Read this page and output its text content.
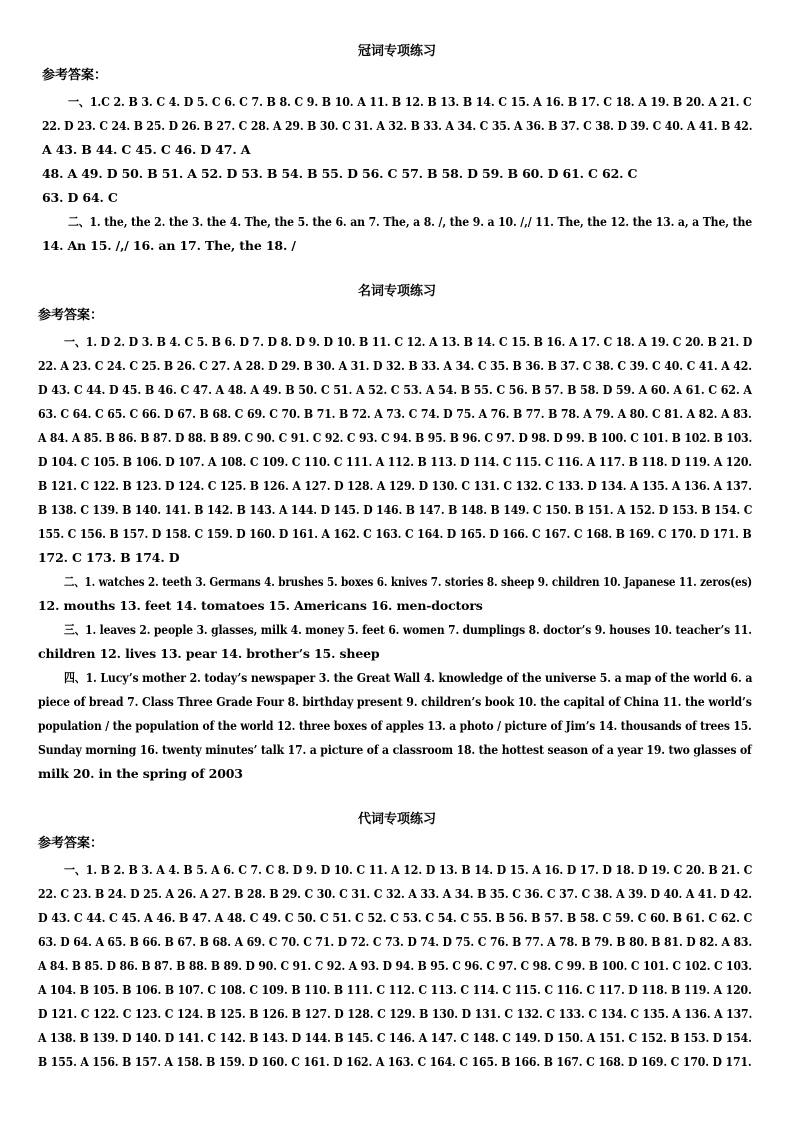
冠词专项练习
参考答案：
一、1.C 2. B 3. C 4. D 5. C 6. C 7. B 8. C 9. B 10. A 11. B 12. B 13. B 14. C 15. A 16. B 17. C 18. A 19. B 20. A 21. C
22. D 23. C 24. B 25. D 26. B 27. C 28. A 29. B 30. C 31. A 32. B 33. A 34. C 35. A 36. B 37. C 38. D 39. C 40. A 41. B 42.
A 43. B 44. C 45. C 46. D 47. A
48. A 49. D 50. B 51. A 52. D 53. B 54. B 55. D 56. C 57. B 58. D 59. B 60. D 61. C 62. C
63. D 64. C
二、1. the, the 2. the 3. the 4. The, the 5. the 6. an 7. The, a 8. /, the 9. a 10. /,/ 11. The, the 12. the 13. a, a The, the
14. An 15. /,/ 16. an 17. The, the 18. /
名词专项练习
参考答案：
一、1. D 2. D 3. B 4. C 5. B 6. D 7. D 8. D 9. D 10. B 11. C 12. A 13. B 14. C 15. B 16. A 17. C 18. A 19. C 20. B 21. D
22. A 23. C 24. C 25. B 26. C 27. A 28. D 29. B 30. A 31. D 32. B 33. A 34. C 35. B 36. B 37. C 38. C 39. C 40. C 41. A 42.
D 43. C 44. D 45. B 46. C 47. A 48. A 49. B 50. C 51. A 52. C 53. A 54. B 55. C 56. B 57. B 58. D 59. A 60. A 61. C 62. A
63. C 64. C 65. C 66. D 67. B 68. C 69. C 70. B 71. B 72. A 73. C 74. D 75. A 76. B 77. B 78. A 79. A 80. C 81. A 82. A 83.
A 84. A 85. B 86. B 87. D 88. B 89. C 90. C 91. C 92. C 93. C 94. B 95. B 96. C 97. D 98. D 99. B 100. C 101. B 102. B 103.
D 104. C 105. B 106. D 107. A 108. C 109. C 110. C 111. A 112. B 113. D 114. C 115. C 116. A 117. B 118. D 119. A 120.
B 121. C 122. B 123. D 124. C 125. B 126. A 127. D 128. A 129. D 130. C 131. C 132. C 133. D 134. A 135. A 136. A 137.
B 138. C 139. B 140. 141. B 142. B 143. A 144. D 145. D 146. B 147. B 148. B 149. C 150. B 151. A 152. D 153. B 154. C
155. C 156. B 157. D 158. C 159. D 160. D 161. A 162. C 163. C 164. D 165. D 166. C 167. C 168. B 169. C 170. D 171. B
172. C 173. B 174. D
二、1. watches 2. teeth 3. Germans 4. brushes 5. boxes 6. knives 7. stories 8. sheep 9. children 10. Japanese 11. zeros(es)
12. mouths 13. feet 14. tomatoes 15. Americans 16. men-doctors
三、1. leaves 2. people 3. glasses, milk 4. money 5. feet 6. women 7. dumplings 8. doctor’s 9. houses 10. teacher’s 11.
children 12. lives 13. pear 14. brother’s 15. sheep
四、1. Lucy’s mother 2. today’s newspaper 3. the Great Wall 4. knowledge of the universe 5. a map of the world 6. a
piece of bread 7. Class Three Grade Four 8. birthday present 9. children’s book 10. the capital of China 11. the world’s
population / the population of the world 12. three boxes of apples 13. a photo / picture of Jim’s 14. thousands of trees 15.
Sunday morning 16. twenty minutes’ talk 17. a picture of a classroom 18. the hottest season of a year 19. two glasses of
milk 20. in the spring of 2003
代词专项练习
参考答案：
一、1. B 2. B 3. A 4. B 5. A 6. C 7. C 8. D 9. D 10. C 11. A 12. D 13. B 14. D 15. A 16. D 17. D 18. D 19. C 20. B 21. C
22. C 23. B 24. D 25. A 26. A 27. B 28. B 29. C 30. C 31. C 32. A 33. A 34. B 35. C 36. C 37. C 38. A 39. D 40. A 41. D 42.
D 43. C 44. C 45. A 46. B 47. A 48. C 49. C 50. C 51. C 52. C 53. C 54. C 55. B 56. B 57. B 58. C 59. C 60. B 61. C 62. C
63. D 64. A 65. B 66. B 67. B 68. A 69. C 70. C 71. D 72. C 73. D 74. D 75. C 76. B 77. A 78. B 79. B 80. B 81. D 82. A 83.
A 84. B 85. D 86. B 87. B 88. B 89. D 90. C 91. C 92. A 93. D 94. B 95. C 96. C 97. C 98. C 99. B 100. C 101. C 102. C 103.
A 104. B 105. B 106. B 107. C 108. C 109. B 110. B 111. C 112. C 113. C 114. C 115. C 116. C 117. D 118. B 119. A 120.
D 121. C 122. C 123. C 124. B 125. B 126. B 127. D 128. C 129. B 130. D 131. C 132. C 133. C 134. C 135. A 136. A 137.
A 138. B 139. D 140. D 141. C 142. B 143. D 144. B 145. C 146. A 147. C 148. C 149. D 150. A 151. C 152. B 153. D 154.
B 155. A 156. B 157. A 158. B 159. D 160. C 161. D 162. A 163. C 164. C 165. B 166. B 167. C 168. D 169. C 170. D 171.
